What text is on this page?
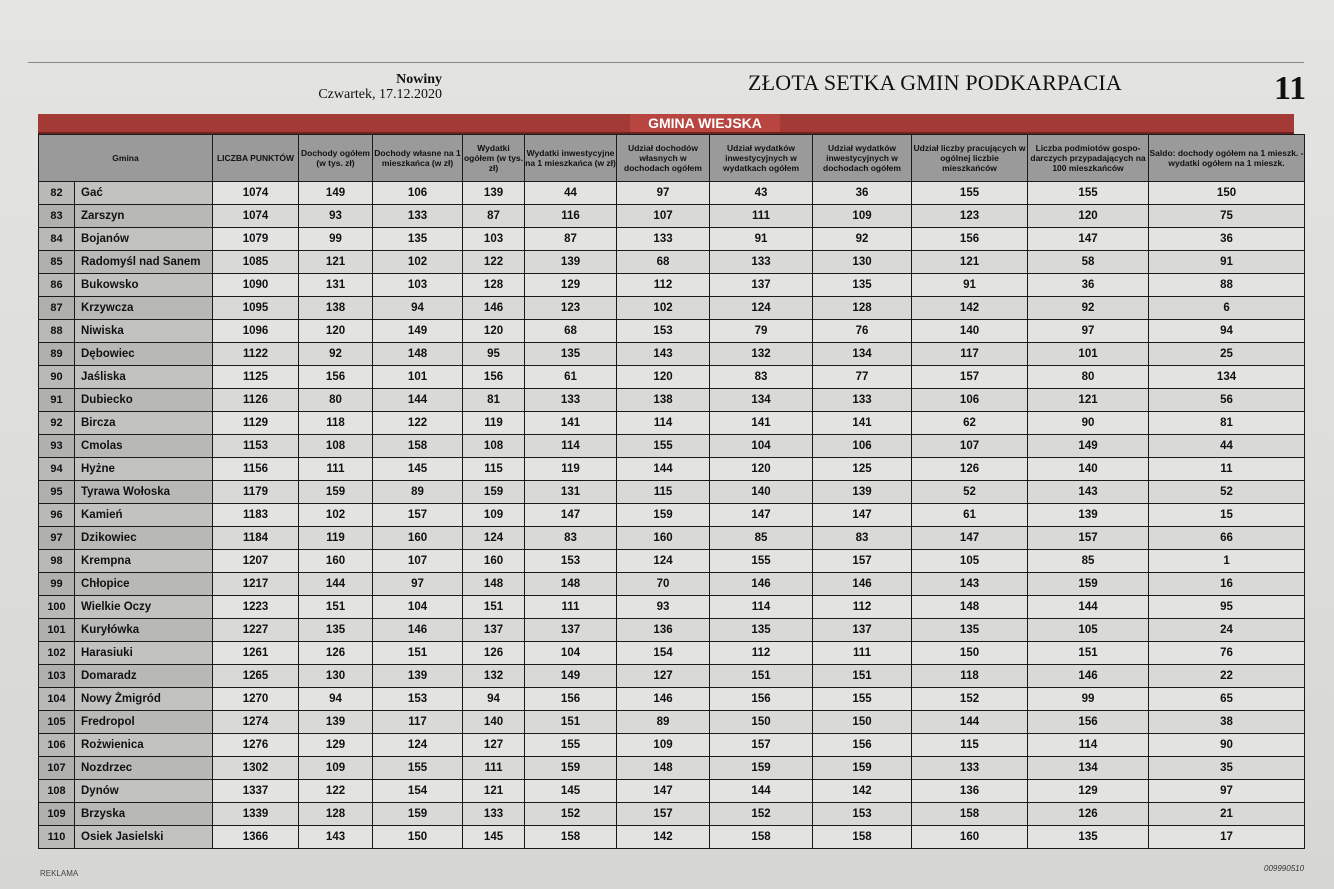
Nowiny
Czwartek, 17.12.2020	ZŁOTA SETKA GMIN PODKARPACIA	11
GMINA WIEJSKA
Gmina		LICZBA PUNKTÓW	Dochody ogółem (w tys. zł)	Dochody własne na 1 mieszkańca (w zł)	Wydatki ogółem (w tys. zł)	Wydatki inwestycyjne na 1 mieszkańca (w zł)	Udział dochodów własnych w dochodach ogółem	Udział wydatków inwestycyjnych w wydatkach ogółem	Udział wydatków inwestycyjnych w dochodach ogółem	Udział liczby pracujących w ogólnej liczbie mieszkańców	Liczba podmiotów gospo-darczych przypadających na 100 mieszkańców	Saldo: dochody ogółem na 1 mieszk. - wydatki ogółem na 1 mieszk.
82	Gać	1074	149	106	139	44	97	43	36	155	155	150
83	Zarszyn	1074	93	133	87	116	107	111	109	123	120	75
84	Bojanów	1079	99	135	103	87	133	91	92	156	147	36
85	Radomyśl nad Sanem	1085	121	102	122	139	68	133	130	121	58	91
86	Bukowsko	1090	131	103	128	129	112	137	135	91	36	88
87	Krzywcza	1095	138	94	146	123	102	124	128	142	92	6
88	Niwiska	1096	120	149	120	68	153	79	76	140	97	94
89	Dębowiec	1122	92	148	95	135	143	132	134	117	101	25
90	Jaśliska	1125	156	101	156	61	120	83	77	157	80	134
91	Dubiecko	1126	80	144	81	133	138	134	133	106	121	56
92	Bircza	1129	118	122	119	141	114	141	141	62	90	81
93	Cmolas	1153	108	158	108	114	155	104	106	107	149	44
94	Hyżne	1156	111	145	115	119	144	120	125	126	140	11
95	Tyrawa Wołoska	1179	159	89	159	131	115	140	139	52	143	52
96	Kamień	1183	102	157	109	147	159	147	147	61	139	15
97	Dzikowiec	1184	119	160	124	83	160	85	83	147	157	66
98	Krempna	1207	160	107	160	153	124	155	157	105	85	1
99	Chłopice	1217	144	97	148	148	70	146	146	143	159	16
100	Wielkie Oczy	1223	151	104	151	111	93	114	112	148	144	95
101	Kuryłówka	1227	135	146	137	137	136	135	137	135	105	24
102	Harasiuki	1261	126	151	126	104	154	112	111	150	151	76
103	Domaradz	1265	130	139	132	149	127	151	151	118	146	22
104	Nowy Żmigród	1270	94	153	94	156	146	156	155	152	99	65
105	Fredropol	1274	139	117	140	151	89	150	150	144	156	38
106	Rożwienica	1276	129	124	127	155	109	157	156	115	114	90
107	Nozdrzec	1302	109	155	111	159	148	159	159	133	134	35
108	Dynów	1337	122	154	121	145	147	144	142	136	129	97
109	Brzyska	1339	128	159	133	152	157	152	153	158	126	21
110	Osiek Jasielski	1366	143	150	145	158	142	158	158	160	135	17
REKLAMA
009990510
